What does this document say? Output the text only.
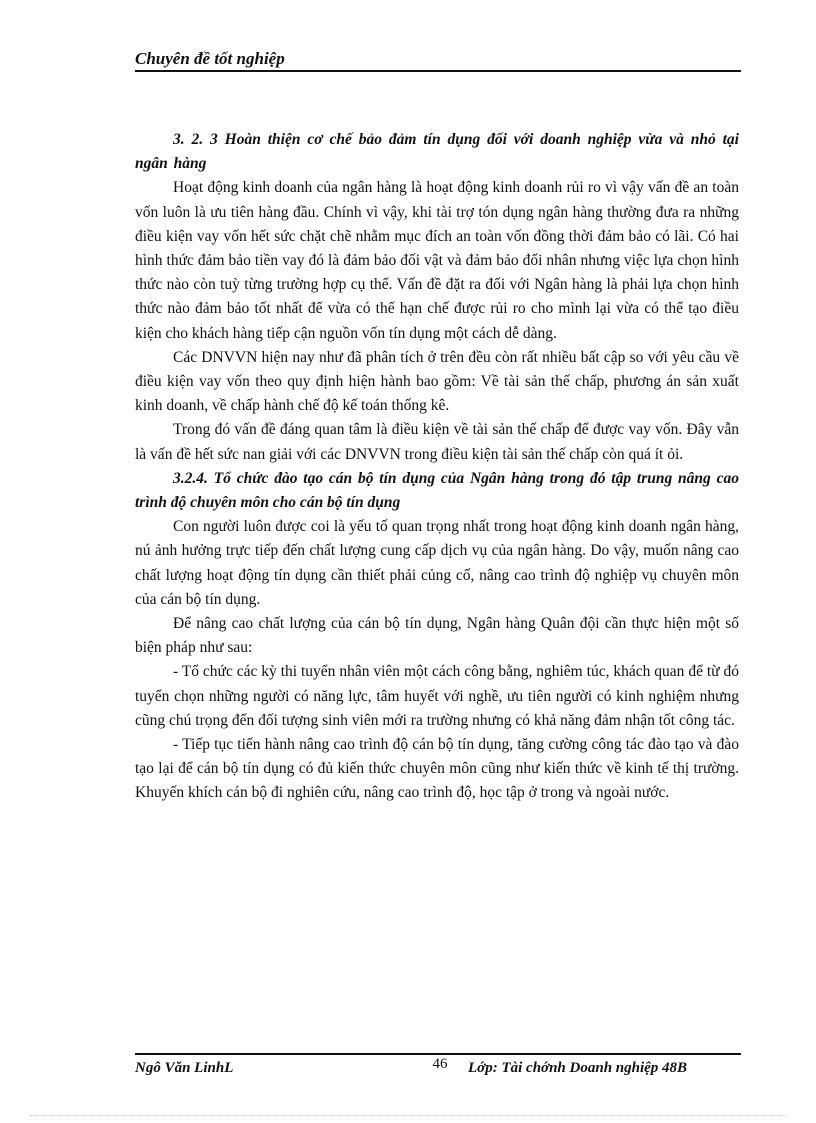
Chuyên đề tốt nghiệp
3. 2. 3 Hoàn thiện cơ chế bảo đảm tín dụng đối với doanh nghiệp vừa và nhỏ tại ngân hàng

Hoạt động kinh doanh của ngân hàng là hoạt động kinh doanh rủi ro vì vậy vấn đề an toàn vốn luôn là ưu tiên hàng đầu. Chính vì vậy, khi tài trợ tón dụng ngân hàng thường đưa ra những điều kiện vay vốn hết sức chặt chẽ nhằm mục đích an toàn vốn đồng thời đảm bảo có lãi. Có hai hình thức đảm bảo tiền vay đó là đảm bảo đối vật và đảm bảo đối nhân nhưng việc lựa chọn hình thức nào còn tuỳ từng trường hợp cụ thể. Vấn đề đặt ra đối với Ngân hàng là phải lựa chọn hình thức nào đảm bảo tốt nhất để vừa có thể hạn chế được rủi ro cho mình lại vừa có thể tạo điều kiện cho khách hàng tiếp cận nguồn vốn tín dụng một cách dễ dàng.

Các DNVVN hiện nay như đã phân tích ở trên đều còn rất nhiều bất cập so với yêu cầu về điều kiện vay vốn theo quy định hiện hành bao gồm: Về tài sản thế chấp, phương án sản xuất kinh doanh, về chấp hành chế độ kế toán thống kê.

Trong đó vấn đề đáng quan tâm là điều kiện về tài sản thế chấp để được vay vốn. Đây vẫn là vấn đề hết sức nan giải với các DNVVN trong điều kiện tài sản thế chấp còn quá ít ỏi.

3.2.4. Tổ chức đào tạo cán bộ tín dụng của Ngân hàng trong đó tập trung nâng cao trình độ chuyên môn cho cán bộ tín dụng

Con người luôn được coi là yếu tố quan trọng nhất trong hoạt động kinh doanh ngân hàng, nú ảnh hưởng trực tiếp đến chất lượng cung cấp dịch vụ của ngân hàng. Do vậy, muốn nâng cao chất lượng hoạt động tín dụng cần thiết phải củng cố, nâng cao trình độ nghiệp vụ chuyên môn của cán bộ tín dụng.

Để nâng cao chất lượng của cán bộ tín dụng, Ngân hàng Quân đội cần thực hiện một số biện pháp như sau:

- Tổ chức các kỳ thi tuyển nhân viên một cách công bằng, nghiêm túc, khách quan để từ đó tuyển chọn những người có năng lực, tâm huyết với nghề, ưu tiên người có kinh nghiệm nhưng cũng chú trọng đến đối tượng sinh viên mới ra trường nhưng có khả năng đảm nhận tốt công tác.

- Tiếp tục tiến hành nâng cao trình độ cán bộ tín dụng, tăng cường công tác đào tạo và đào tạo lại để cán bộ tín dụng có đủ kiến thức chuyên môn cũng như kiến thức về kinh tế thị trường. Khuyến khích cán bộ đi nghiên cứu, nâng cao trình độ, học tập ở trong và ngoài nước.

Ngô Văn LinhL	46	Lớp: Tài chớnh Doanh nghiệp 48B
